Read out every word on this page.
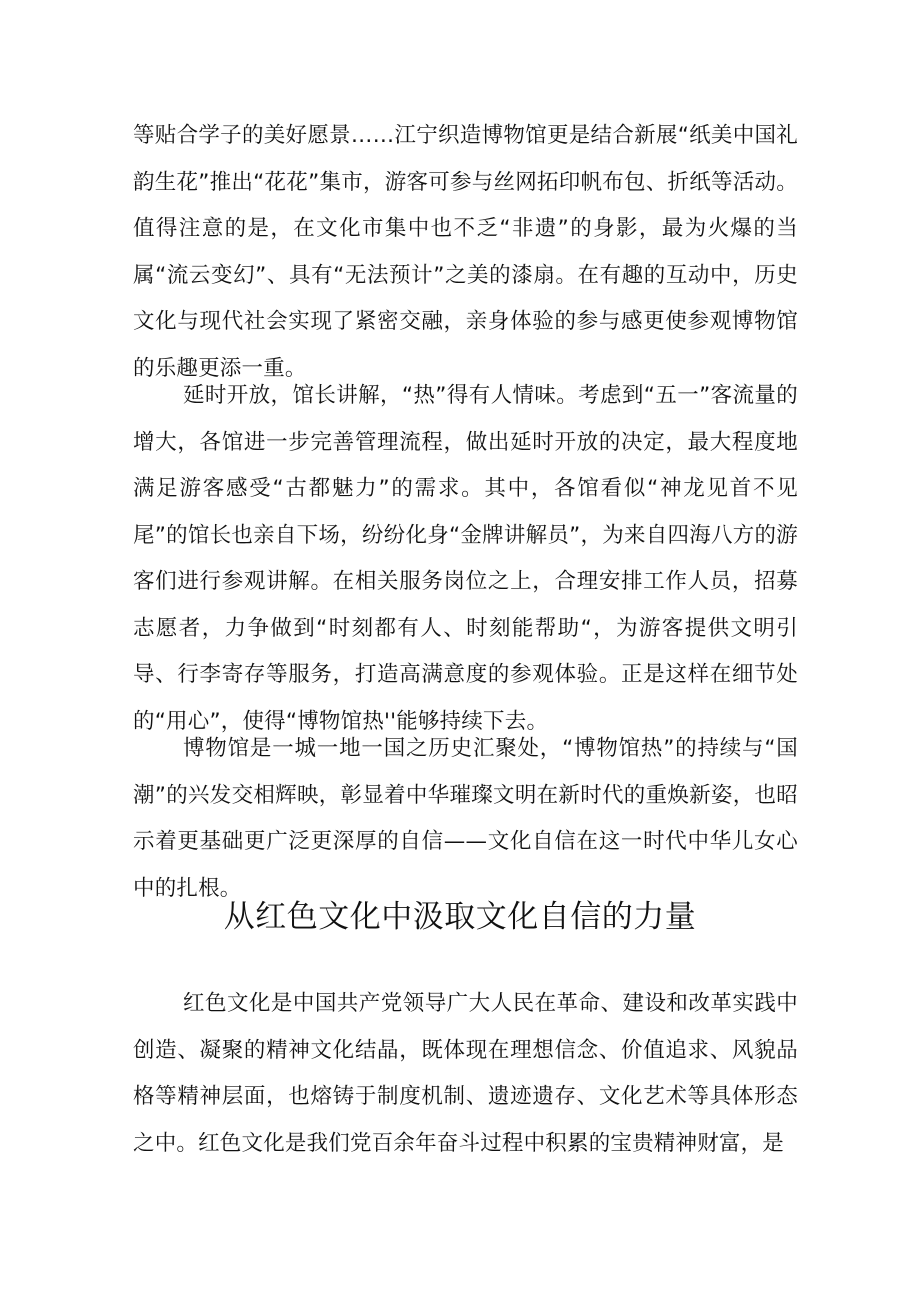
等贴合学子的美好愿景……江宁织造博物馆更是结合新展“纸美中国礼韵生花”推出“花花”集市，游客可参与丝网拓印帆布包、折纸等活动。值得注意的是，在文化市集中也不乏“非遗”的身影，最为火爆的当属“流云变幻”、具有“无法预计”之美的漆扇。在有趣的互动中，历史文化与现代社会实现了紧密交融，亲身体验的参与感更使参观博物馆的乐趣更添一重。

延时开放，馆长讲解，“热”得有人情味。考虑到“五一”客流量的增大，各馆进一步完善管理流程，做出延时开放的决定，最大程度地满足游客感受“古都魅力”的需求。其中，各馆看似“神龙见首不见尾”的馆长也亲自下场，纷纷化身“金牌讲解员”，为来自四海八方的游客们进行参观讲解。在相关服务岗位之上，合理安排工作人员，招募志愿者，力争做到“时刻都有人、时刻能帮助“，为游客提供文明引导、行李寄存等服务，打造高满意度的参观体验。正是这样在细节处的“用心”，使得“博物馆热''能够持续下去。

博物馆是一城一地一国之历史汇聚处，“博物馆热”的持续与“国潮”的兴发交相辉映，彰显着中华璀璨文明在新时代的重焕新姿，也昭示着更基础更广泛更深厚的自信——文化自信在这一时代中华儿女心中的扎根。

从红色文化中汲取文化自信的力量

红色文化是中国共产党领导广大人民在革命、建设和改革实践中创造、凝聚的精神文化结晶，既体现在理想信念、价值追求、风貌品格等精神层面，也熔铸于制度机制、遗迹遗存、文化艺术等具体形态之中。红色文化是我们党百余年奋斗过程中积累的宝贵精神财富，是
